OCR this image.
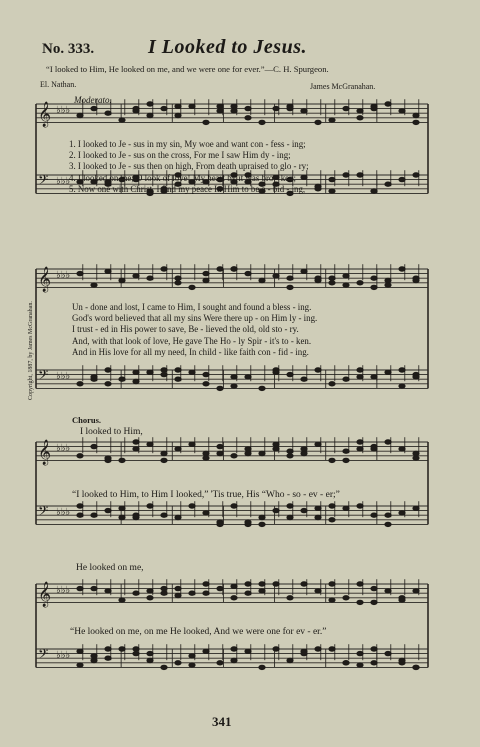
No. 333.	I Looked to Jesus.
“I looked to Him, He looked on me, and we were one for ever.”—C. H. Spurgeon.
El. Nathan.	James McGranahan.
Moderato.
Copyright, 1887, by James McGranahan.
𝄞 ♭♭♭
𝄢 ♭♭♭
𝄞 ♭♭♭
𝄢 ♭♭♭
𝄞 ♭♭♭
𝄢 ♭♭♭
𝄞 ♭♭♭
𝄢 ♭♭♭
1. I looked to Je - sus in my sin, My woe and want con - fess - ing;
2. I looked to Je - sus on the cross, For me I saw Him dy - ing;
3. I looked to Je - sus then on high, From death upraised to glo - ry;
4. I looked on me; O look of love! My heart by it was bro - ken;
5. Now one with Christ, I find my peace In Him to be a - bid - ing,
Un - done and lost, I came to Him, I sought and found a bless - ing.
God's word believed that all my sins Were there up - on Him ly - ing.
I trust - ed in His power to save, Be - lieved the old, old sto - ry.
And, with that look of love, He gave The Ho - ly Spir - it's to - ken.
And in His love for all my need, In child - like faith con - fid - ing.
Chorus.
I looked to Him,
“I looked to Him, to Him I looked,” 'Tis true, His “Who - so - ev - er;”
He looked on me,
“He looked on me, on me He looked, And we were one for ev - er.”
341
